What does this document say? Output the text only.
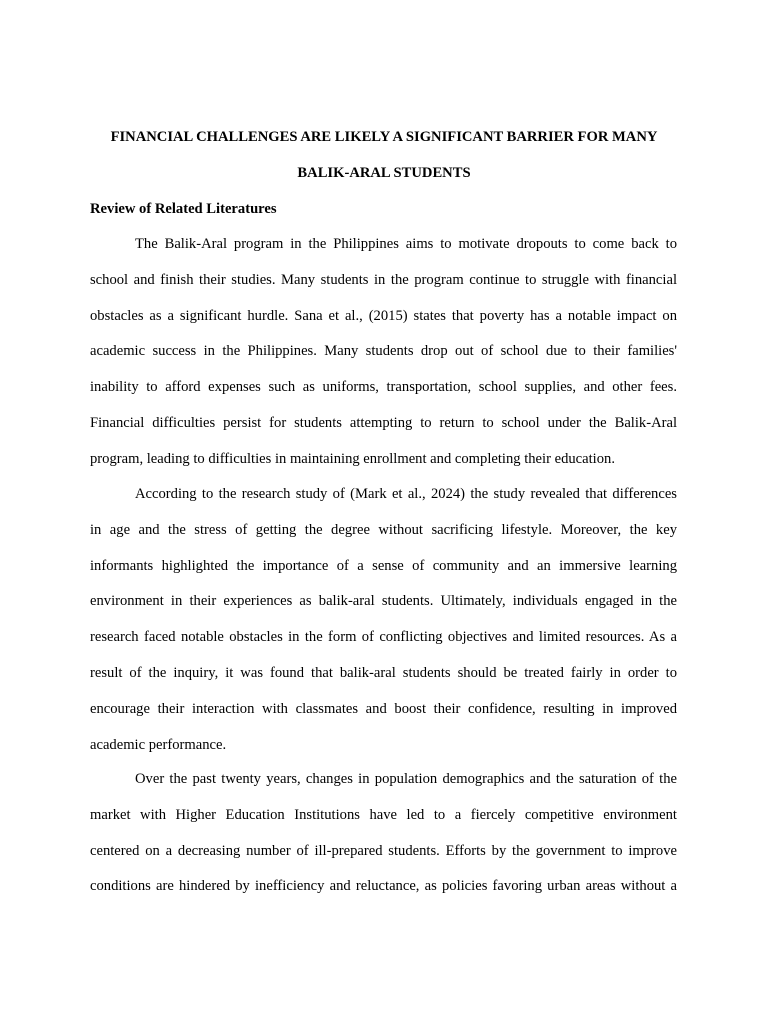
FINANCIAL CHALLENGES ARE LIKELY A SIGNIFICANT BARRIER FOR MANY
BALIK-ARAL STUDENTS
Review of Related Literatures
The Balik-Aral program in the Philippines aims to motivate dropouts to come back to
school and finish their studies. Many students in the program continue to struggle with financial
obstacles as a significant hurdle. Sana et al., (2015) states that poverty has a notable impact on
academic success in the Philippines. Many students drop out of school due to their families'
inability to afford expenses such as uniforms, transportation, school supplies, and other fees.
Financial difficulties persist for students attempting to return to school under the Balik-Aral
program, leading to difficulties in maintaining enrollment and completing their education.
According to the research study of (Mark et al., 2024) the study revealed that differences
in age and the stress of getting the degree without sacrificing lifestyle. Moreover, the key
informants highlighted the importance of a sense of community and an immersive learning
environment in their experiences as balik-aral students. Ultimately, individuals engaged in the
research faced notable obstacles in the form of conflicting objectives and limited resources. As a
result of the inquiry, it was found that balik-aral students should be treated fairly in order to
encourage their interaction with classmates and boost their confidence, resulting in improved
academic performance.
Over the past twenty years, changes in population demographics and the saturation of the
market with Higher Education Institutions have led to a fiercely competitive environment
centered on a decreasing number of ill-prepared students. Efforts by the government to improve
conditions are hindered by inefficiency and reluctance, as policies favoring urban areas without a
